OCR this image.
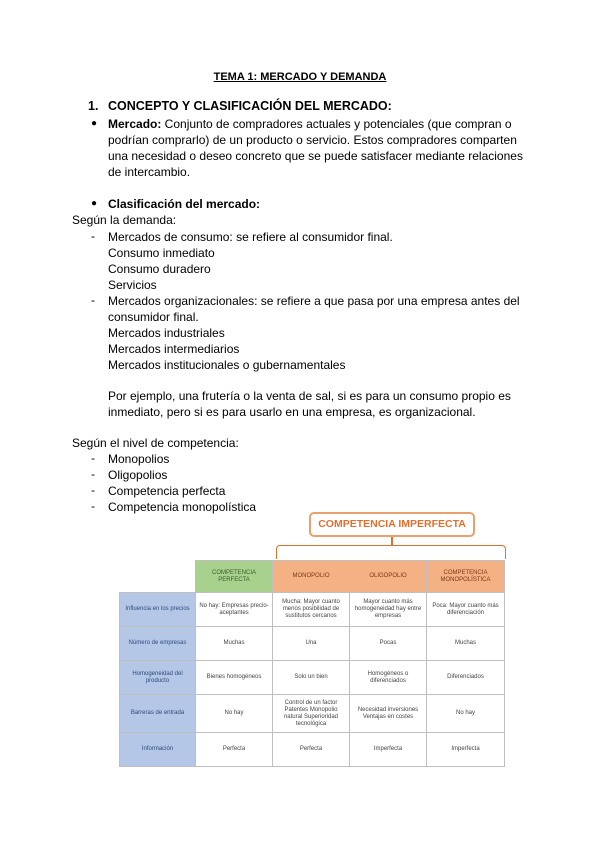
TEMA 1: MERCADO Y DEMANDA
1. CONCEPTO Y CLASIFICACIÓN DEL MERCADO:
● Mercado: Conjunto de compradores actuales y potenciales (que compran o
podrían comprarlo) de un producto o servicio. Estos compradores comparten
una necesidad o deseo concreto que se puede satisfacer mediante relaciones
de intercambio.
● Clasificación del mercado:
Según la demanda:
- Mercados de consumo: se refiere al consumidor final.
Consumo inmediato
Consumo duradero
Servicios
- Mercados organizacionales: se refiere a que pasa por una empresa antes del
consumidor final.
Mercados industriales
Mercados intermediarios
Mercados institucionales o gubernamentales
Por ejemplo, una frutería o la venta de sal, si es para un consumo propio es
inmediato, pero si es para usarlo en una empresa, es organizacional.
Según el nivel de competencia:
- Monopolios
- Oligopolios
- Competencia perfecta
- Competencia monopolística
COMPETENCIA IMPERFECTA
	COMPETENCIA PERFECTA	MONOPOLIO	OLIGOPOLIO	COMPETENCIA MONOPOLÍSTICA
Influencia en los precios	No hay: Empresas precio-aceptantes	Mucha: Mayor cuanto menos posibilidad de sustitutos cercanos	Mayor cuanto más homogeneidad hay entre empresas	Poca: Mayor cuanto más diferenciación
Número de empresas	Muchas	Una	Pocas	Muchas
Homogeneidad del producto	Bienes homogéneos	Solo un bien	Homogéneos o diferenciados	Diferenciados
Barreras de entrada	No hay	Control de un factor Patentes Monopolio natural Superioridad tecnológica	Necesidad inversiones Ventajas en costes	No hay
Información	Perfecta	Perfecta	Imperfecta	Imperfecta
